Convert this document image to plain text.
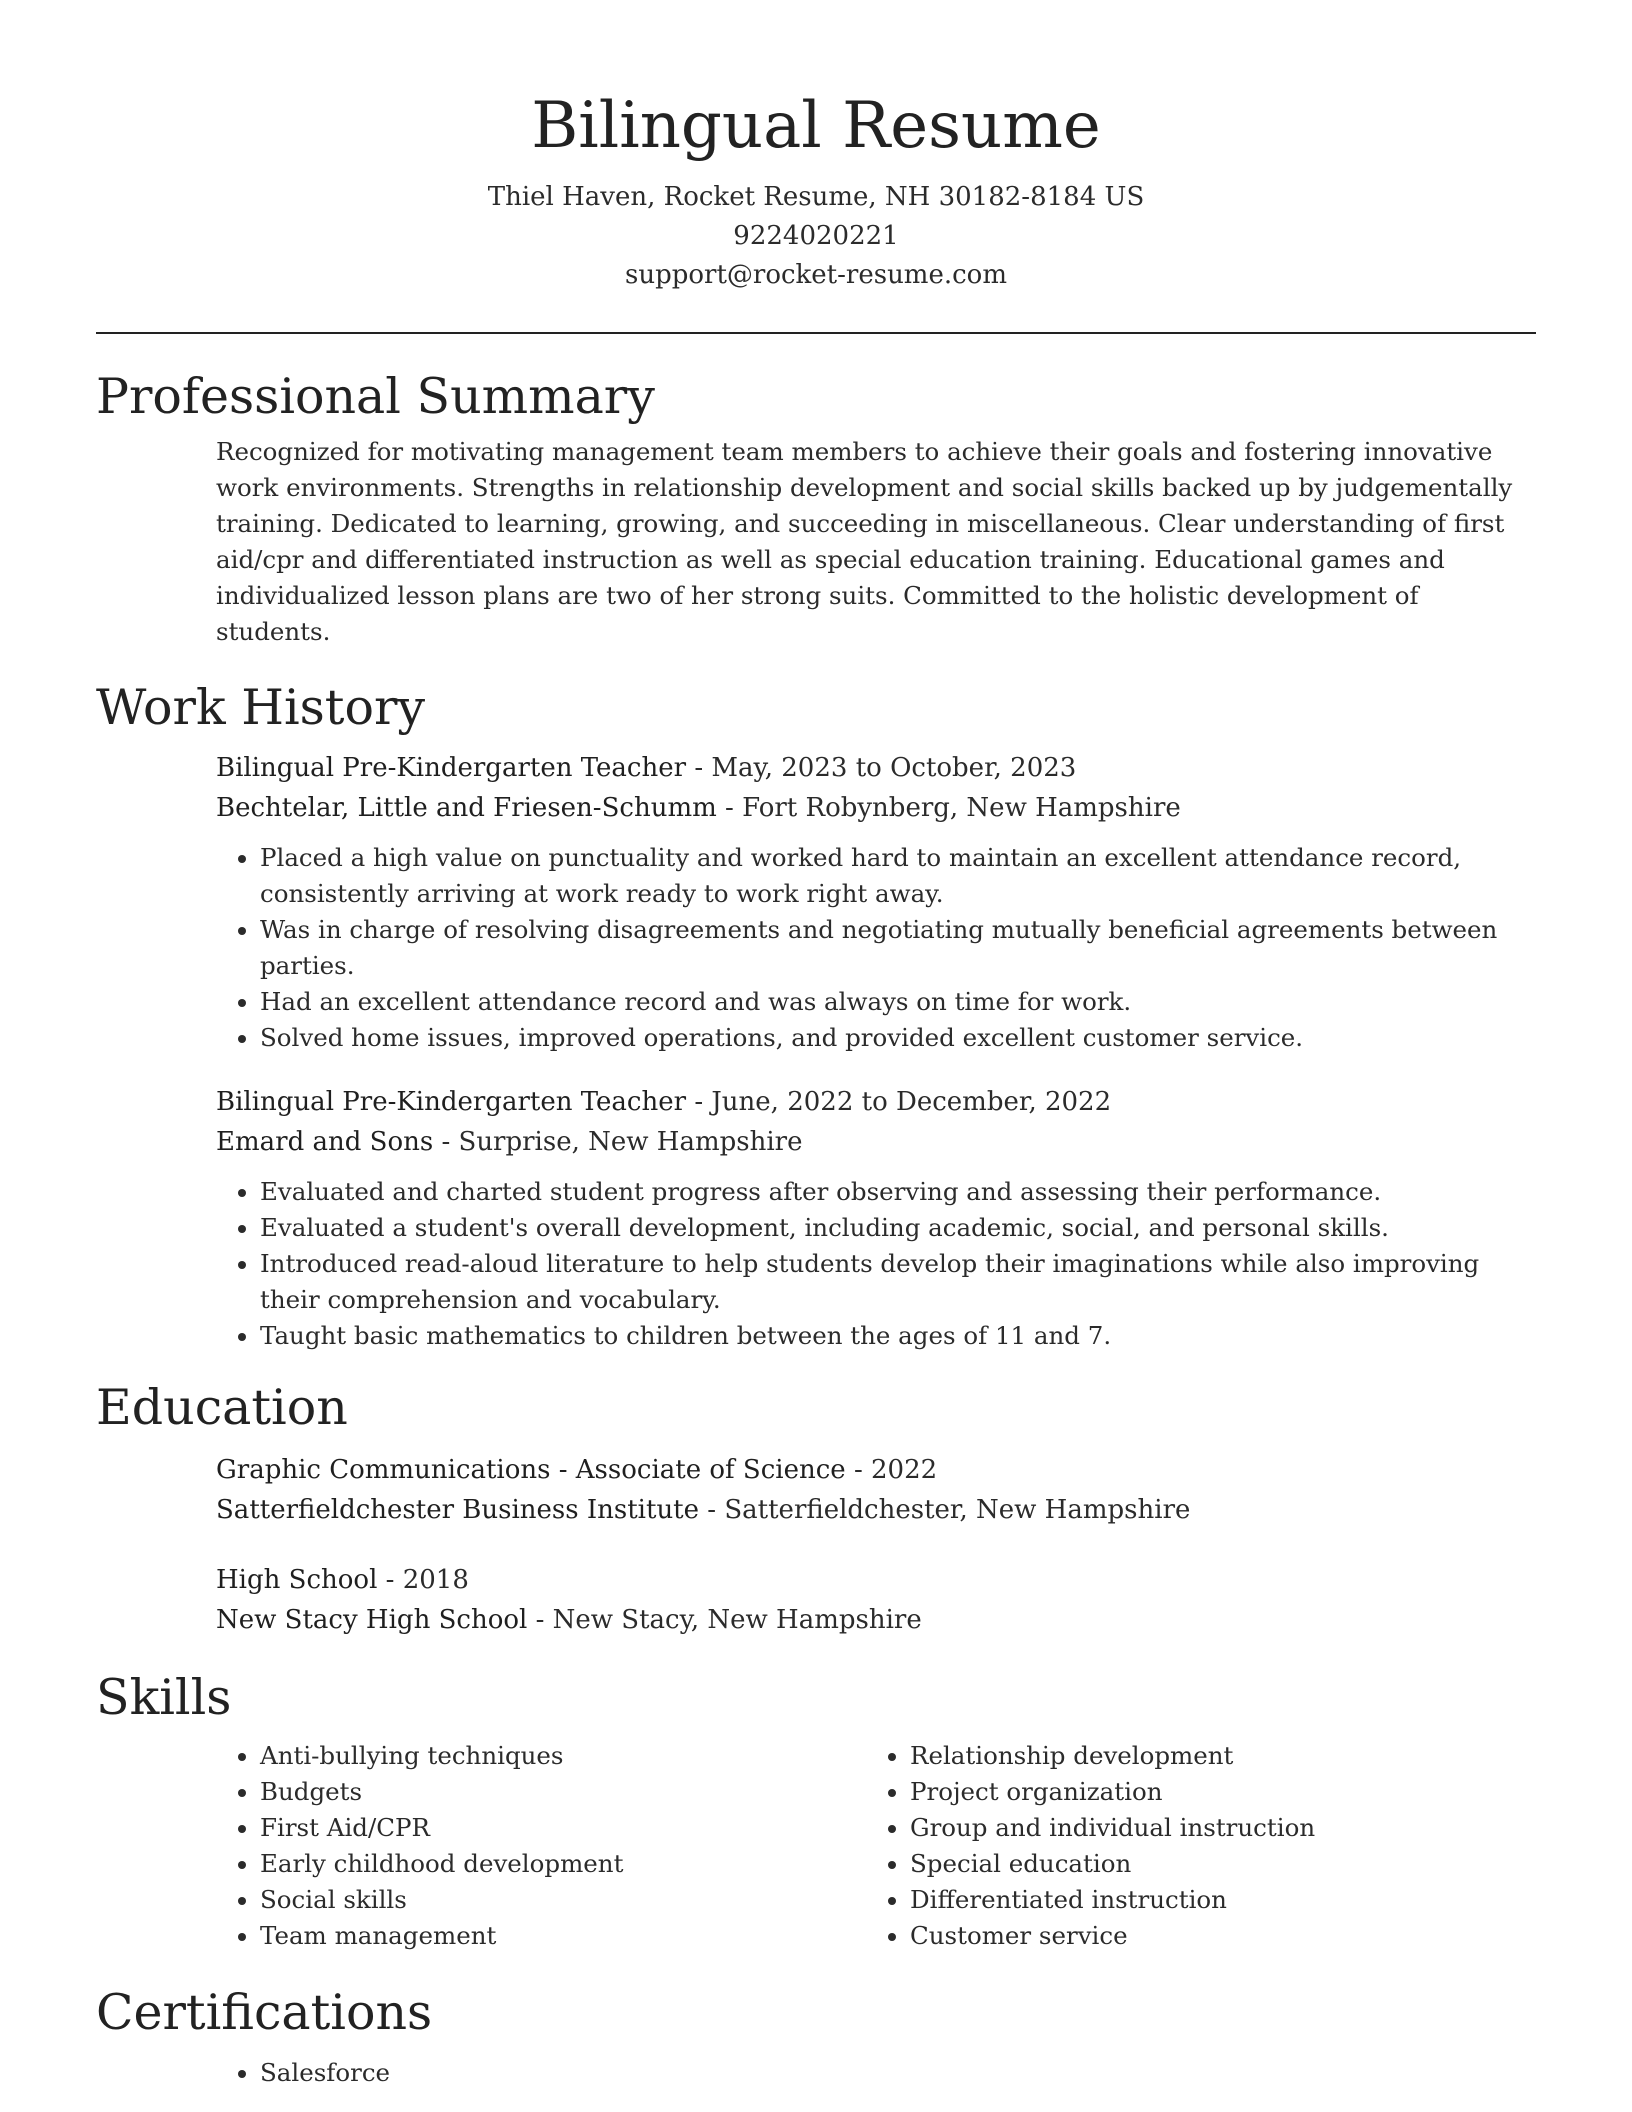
Bilingual Resume
Thiel Haven, Rocket Resume, NH 30182-8184 US
9224020221
support@rocket-resume.com
Professional Summary

Recognized for motivating management team members to achieve their goals and fostering innovative work environments. Strengths in relationship development and social skills backed up by judgementally training. Dedicated to learning, growing, and succeeding in miscellaneous. Clear understanding of first aid/cpr and differentiated instruction as well as special education training. Educational games and individualized lesson plans are two of her strong suits. Committed to the holistic development of students.

Work History
Bilingual Pre-Kindergarten Teacher - May, 2023 to October, 2023
Bechtelar, Little and Friesen-Schumm - Fort Robynberg, New Hampshire
• Placed a high value on punctuality and worked hard to maintain an excellent attendance record, consistently arriving at work ready to work right away.
• Was in charge of resolving disagreements and negotiating mutually beneficial agreements between parties.
• Had an excellent attendance record and was always on time for work.
• Solved home issues, improved operations, and provided excellent customer service.
Bilingual Pre-Kindergarten Teacher - June, 2022 to December, 2022
Emard and Sons - Surprise, New Hampshire
• Evaluated and charted student progress after observing and assessing their performance.
• Evaluated a student's overall development, including academic, social, and personal skills.
• Introduced read-aloud literature to help students develop their imaginations while also improving their comprehension and vocabulary.
• Taught basic mathematics to children between the ages of 11 and 7.
Education
Graphic Communications - Associate of Science - 2022
Satterfieldchester Business Institute - Satterfieldchester, New Hampshire
High School - 2018
New Stacy High School - New Stacy, New Hampshire
Skills
• Anti-bullying techniques
• Budgets
• First Aid/CPR
• Early childhood development
• Social skills
• Team management
• Relationship development
• Project organization
• Group and individual instruction
• Special education
• Differentiated instruction
• Customer service
Certifications
• Salesforce
